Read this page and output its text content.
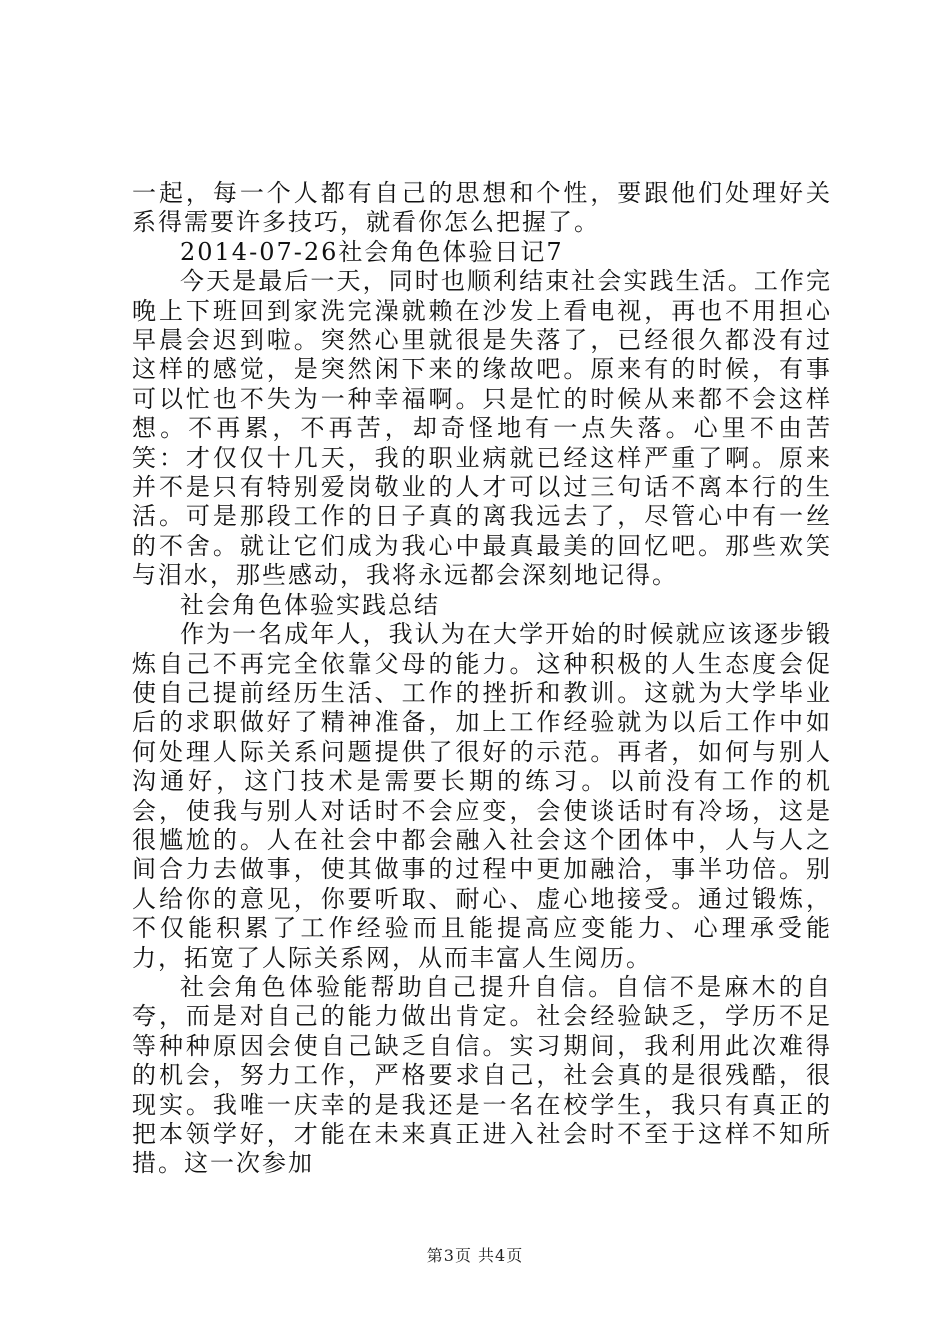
一起，每一个人都有自己的思想和个性，要跟他们处理好关系得需要许多技巧，就看你怎么把握了。

2014-07-26社会角色体验日记7

今天是最后一天，同时也顺利结束社会实践生活。工作完晚上下班回到家洗完澡就赖在沙发上看电视，再也不用担心早晨会迟到啦。突然心里就很是失落了，已经很久都没有过这样的感觉，是突然闲下来的缘故吧。原来有的时候，有事可以忙也不失为一种幸福啊。只是忙的时候从来都不会这样想。不再累，不再苦，却奇怪地有一点失落。心里不由苦笑：才仅仅十几天，我的职业病就已经这样严重了啊。原来并不是只有特别爱岗敬业的人才可以过三句话不离本行的生活。可是那段工作的日子真的离我远去了，尽管心中有一丝的不舍。就让它们成为我心中最真最美的回忆吧。那些欢笑与泪水，那些感动，我将永远都会深刻地记得。

社会角色体验实践总结

作为一名成年人，我认为在大学开始的时候就应该逐步锻炼自己不再完全依靠父母的能力。这种积极的人生态度会促使自己提前经历生活、工作的挫折和教训。这就为大学毕业后的求职做好了精神准备，加上工作经验就为以后工作中如何处理人际关系问题提供了很好的示范。再者，如何与别人沟通好，这门技术是需要长期的练习。以前没有工作的机会，使我与别人对话时不会应变，会使谈话时有冷场，这是很尴尬的。人在社会中都会融入社会这个团体中，人与人之间合力去做事，使其做事的过程中更加融洽，事半功倍。别人给你的意见，你要听取、耐心、虚心地接受。通过锻炼，不仅能积累了工作经验而且能提高应变能力、心理承受能力，拓宽了人际关系网，从而丰富人生阅历。

社会角色体验能帮助自己提升自信。自信不是麻木的自夸，而是对自己的能力做出肯定。社会经验缺乏，学历不足等种种原因会使自己缺乏自信。实习期间，我利用此次难得的机会，努力工作，严格要求自己，社会真的是很残酷，很现实。我唯一庆幸的是我还是一名在校学生，我只有真正的把本领学好，才能在未来真正进入社会时不至于这样不知所措。这一次参加

第3页 共4页
